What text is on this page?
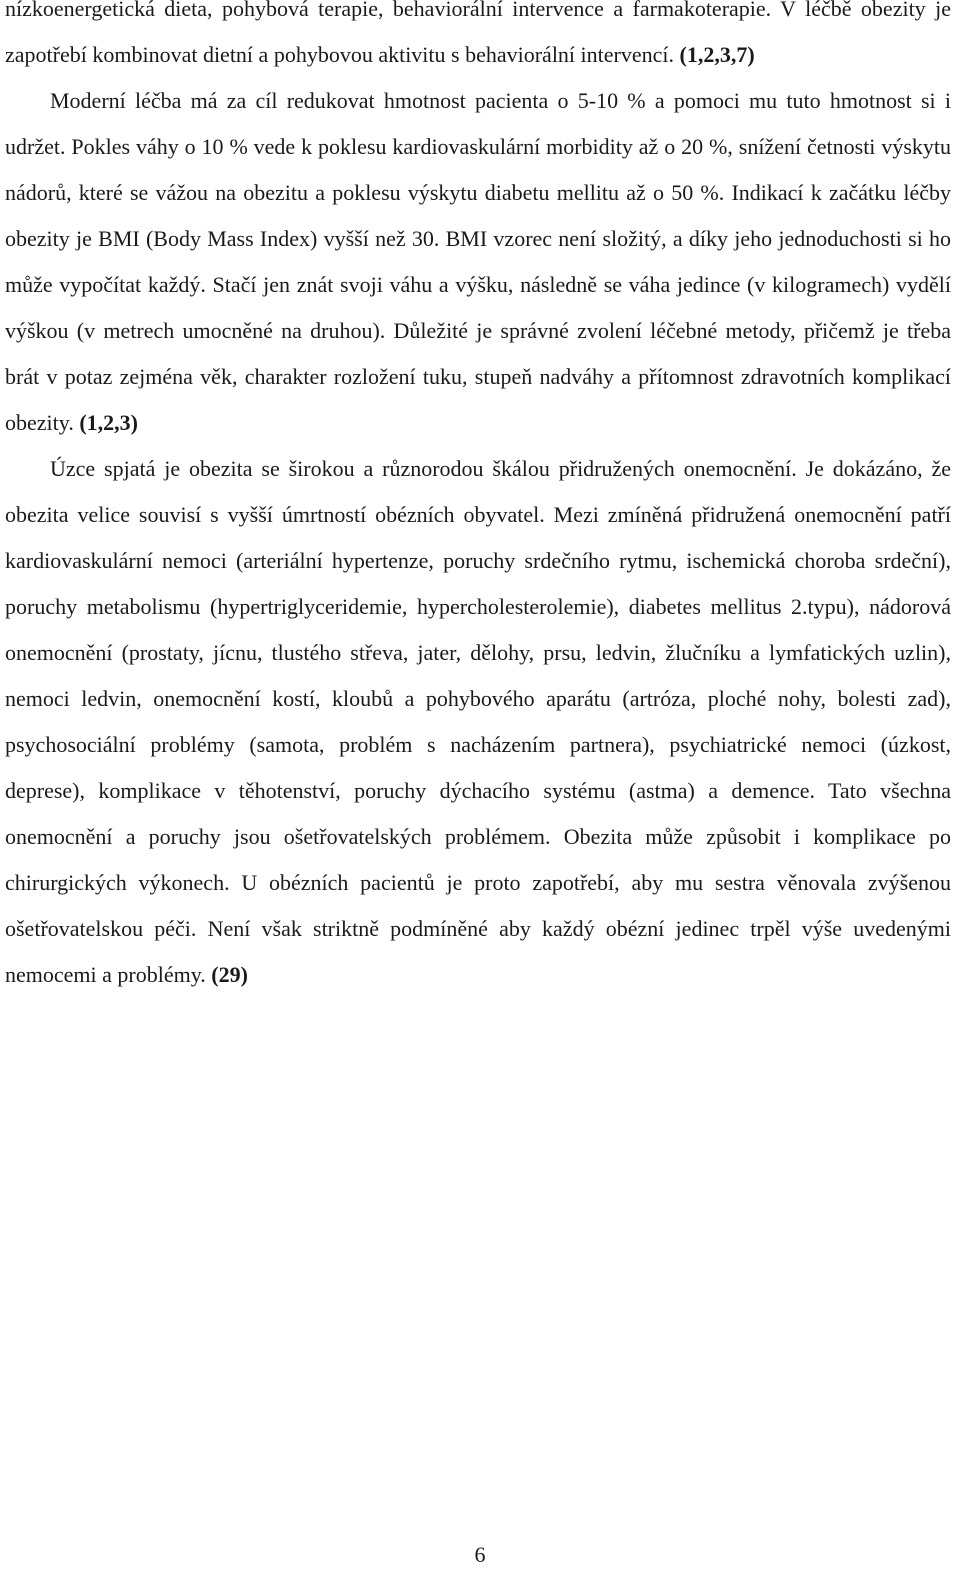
nízkoenergetická dieta, pohybová terapie, behaviorální intervence a farmakoterapie. V léčbě obezity je zapotřebí kombinovat dietní a pohybovou aktivitu s behaviorální intervencí. (1,2,3,7)

Moderní léčba má za cíl redukovat hmotnost pacienta o 5-10 % a pomoci mu tuto hmotnost si i udržet. Pokles váhy o 10 % vede k poklesu kardiovaskulární morbidity až o 20 %, snížení četnosti výskytu nádorů, které se vážou na obezitu a poklesu výskytu diabetu mellitu až o 50 %. Indikací k začátku léčby obezity je BMI (Body Mass Index) vyšší než 30. BMI vzorec není složitý, a díky jeho jednoduchosti si ho může vypočítat každý. Stačí jen znát svoji váhu a výšku, následně se váha jedince (v kilogramech) vydělí výškou (v metrech umocněné na druhou). Důležité je správné zvolení léčebné metody, přičemž je třeba brát v potaz zejména věk, charakter rozložení tuku, stupeň nadváhy a přítomnost zdravotních komplikací obezity. (1,2,3)

Úzce spjatá je obezita se širokou a různorodou škálou přidružených onemocnění. Je dokázáno, že obezita velice souvisí s vyšší úmrtností obézních obyvatel. Mezi zmíněná přidružená onemocnění patří kardiovaskulární nemoci (arteriální hypertenze, poruchy srdečního rytmu, ischemická choroba srdeční), poruchy metabolismu (hypertriglyceridemie, hypercholesterolemie), diabetes mellitus 2.typu), nádorová onemocnění (prostaty, jícnu, tlustého střeva, jater, dělohy, prsu, ledvin, žlučníku a lymfatických uzlin), nemoci ledvin, onemocnění kostí, kloubů a pohybového aparátu (artróza, ploché nohy, bolesti zad), psychosociální problémy (samota, problém s nacházením partnera), psychiatrické nemoci (úzkost, deprese), komplikace v těhotenství, poruchy dýchacího systému (astma) a demence. Tato všechna onemocnění a poruchy jsou ošetřovatelských problémem. Obezita může způsobit i komplikace po chirurgických výkonech. U obézních pacientů je proto zapotřebí, aby mu sestra věnovala zvýšenou ošetřovatelskou péči. Není však striktně podmíněné aby každý obézní jedinec trpěl výše uvedenými nemocemi a problémy. (29)

6
